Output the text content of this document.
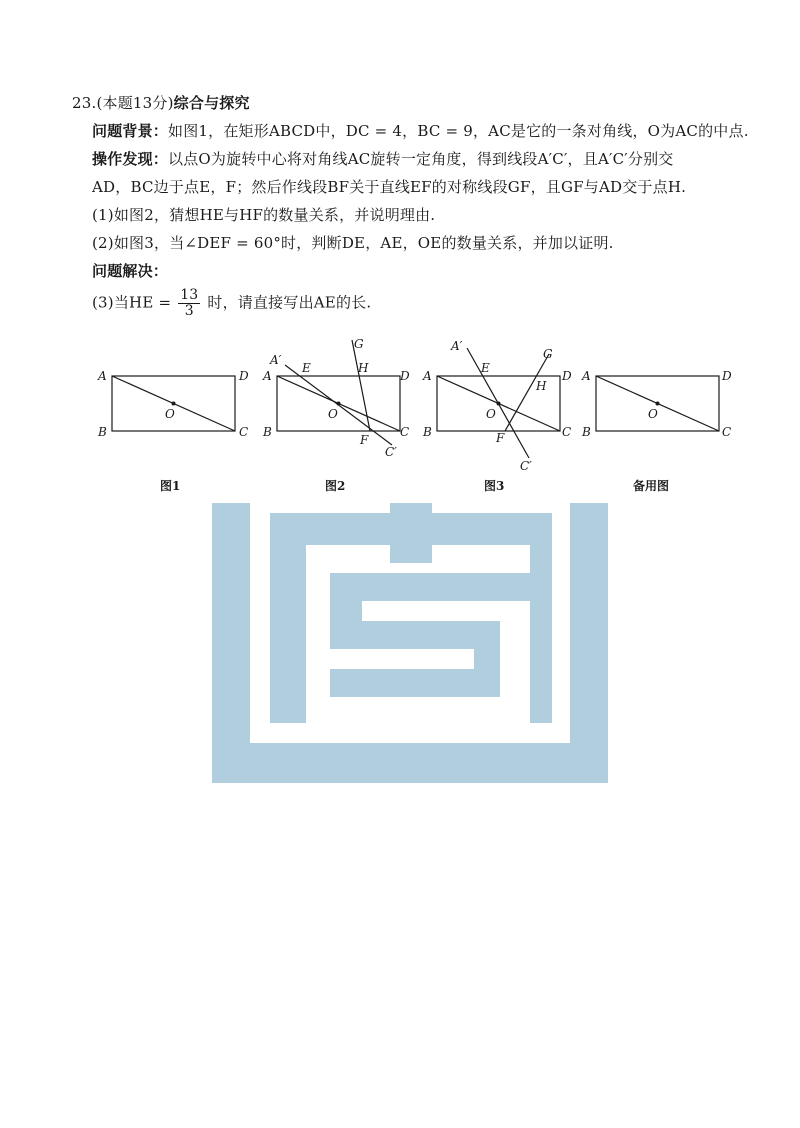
23.(本题13分)综合与探究
问题背景：如图1，在矩形ABCD中，DC = 4，BC = 9，AC是它的一条对角线，O为AC的中点.
操作发现：以点O为旋转中心将对角线AC旋转一定角度，得到线段A′C′，且A′C′分别交
AD，BC边于点E，F；然后作线段BF关于直线EF的对称线段GF，且GF与AD交于点H.
(1)如图2，猜想HE与HF的数量关系，并说明理由.
(2)如图3，当∠DEF = 60°时，判断DE，AE，OE的数量关系，并加以证明.
问题解决：
(3)当HE = $\frac{13}{3}$ 时，请直接写出AE的长.
A
B	C
D
O
图1
A
B	C
D
O
E
F
G
H
A′
C′
图2
A
B	C
D
O
E
F
G
H
A′
C′
图3
A
B	C
D
O
备用图
